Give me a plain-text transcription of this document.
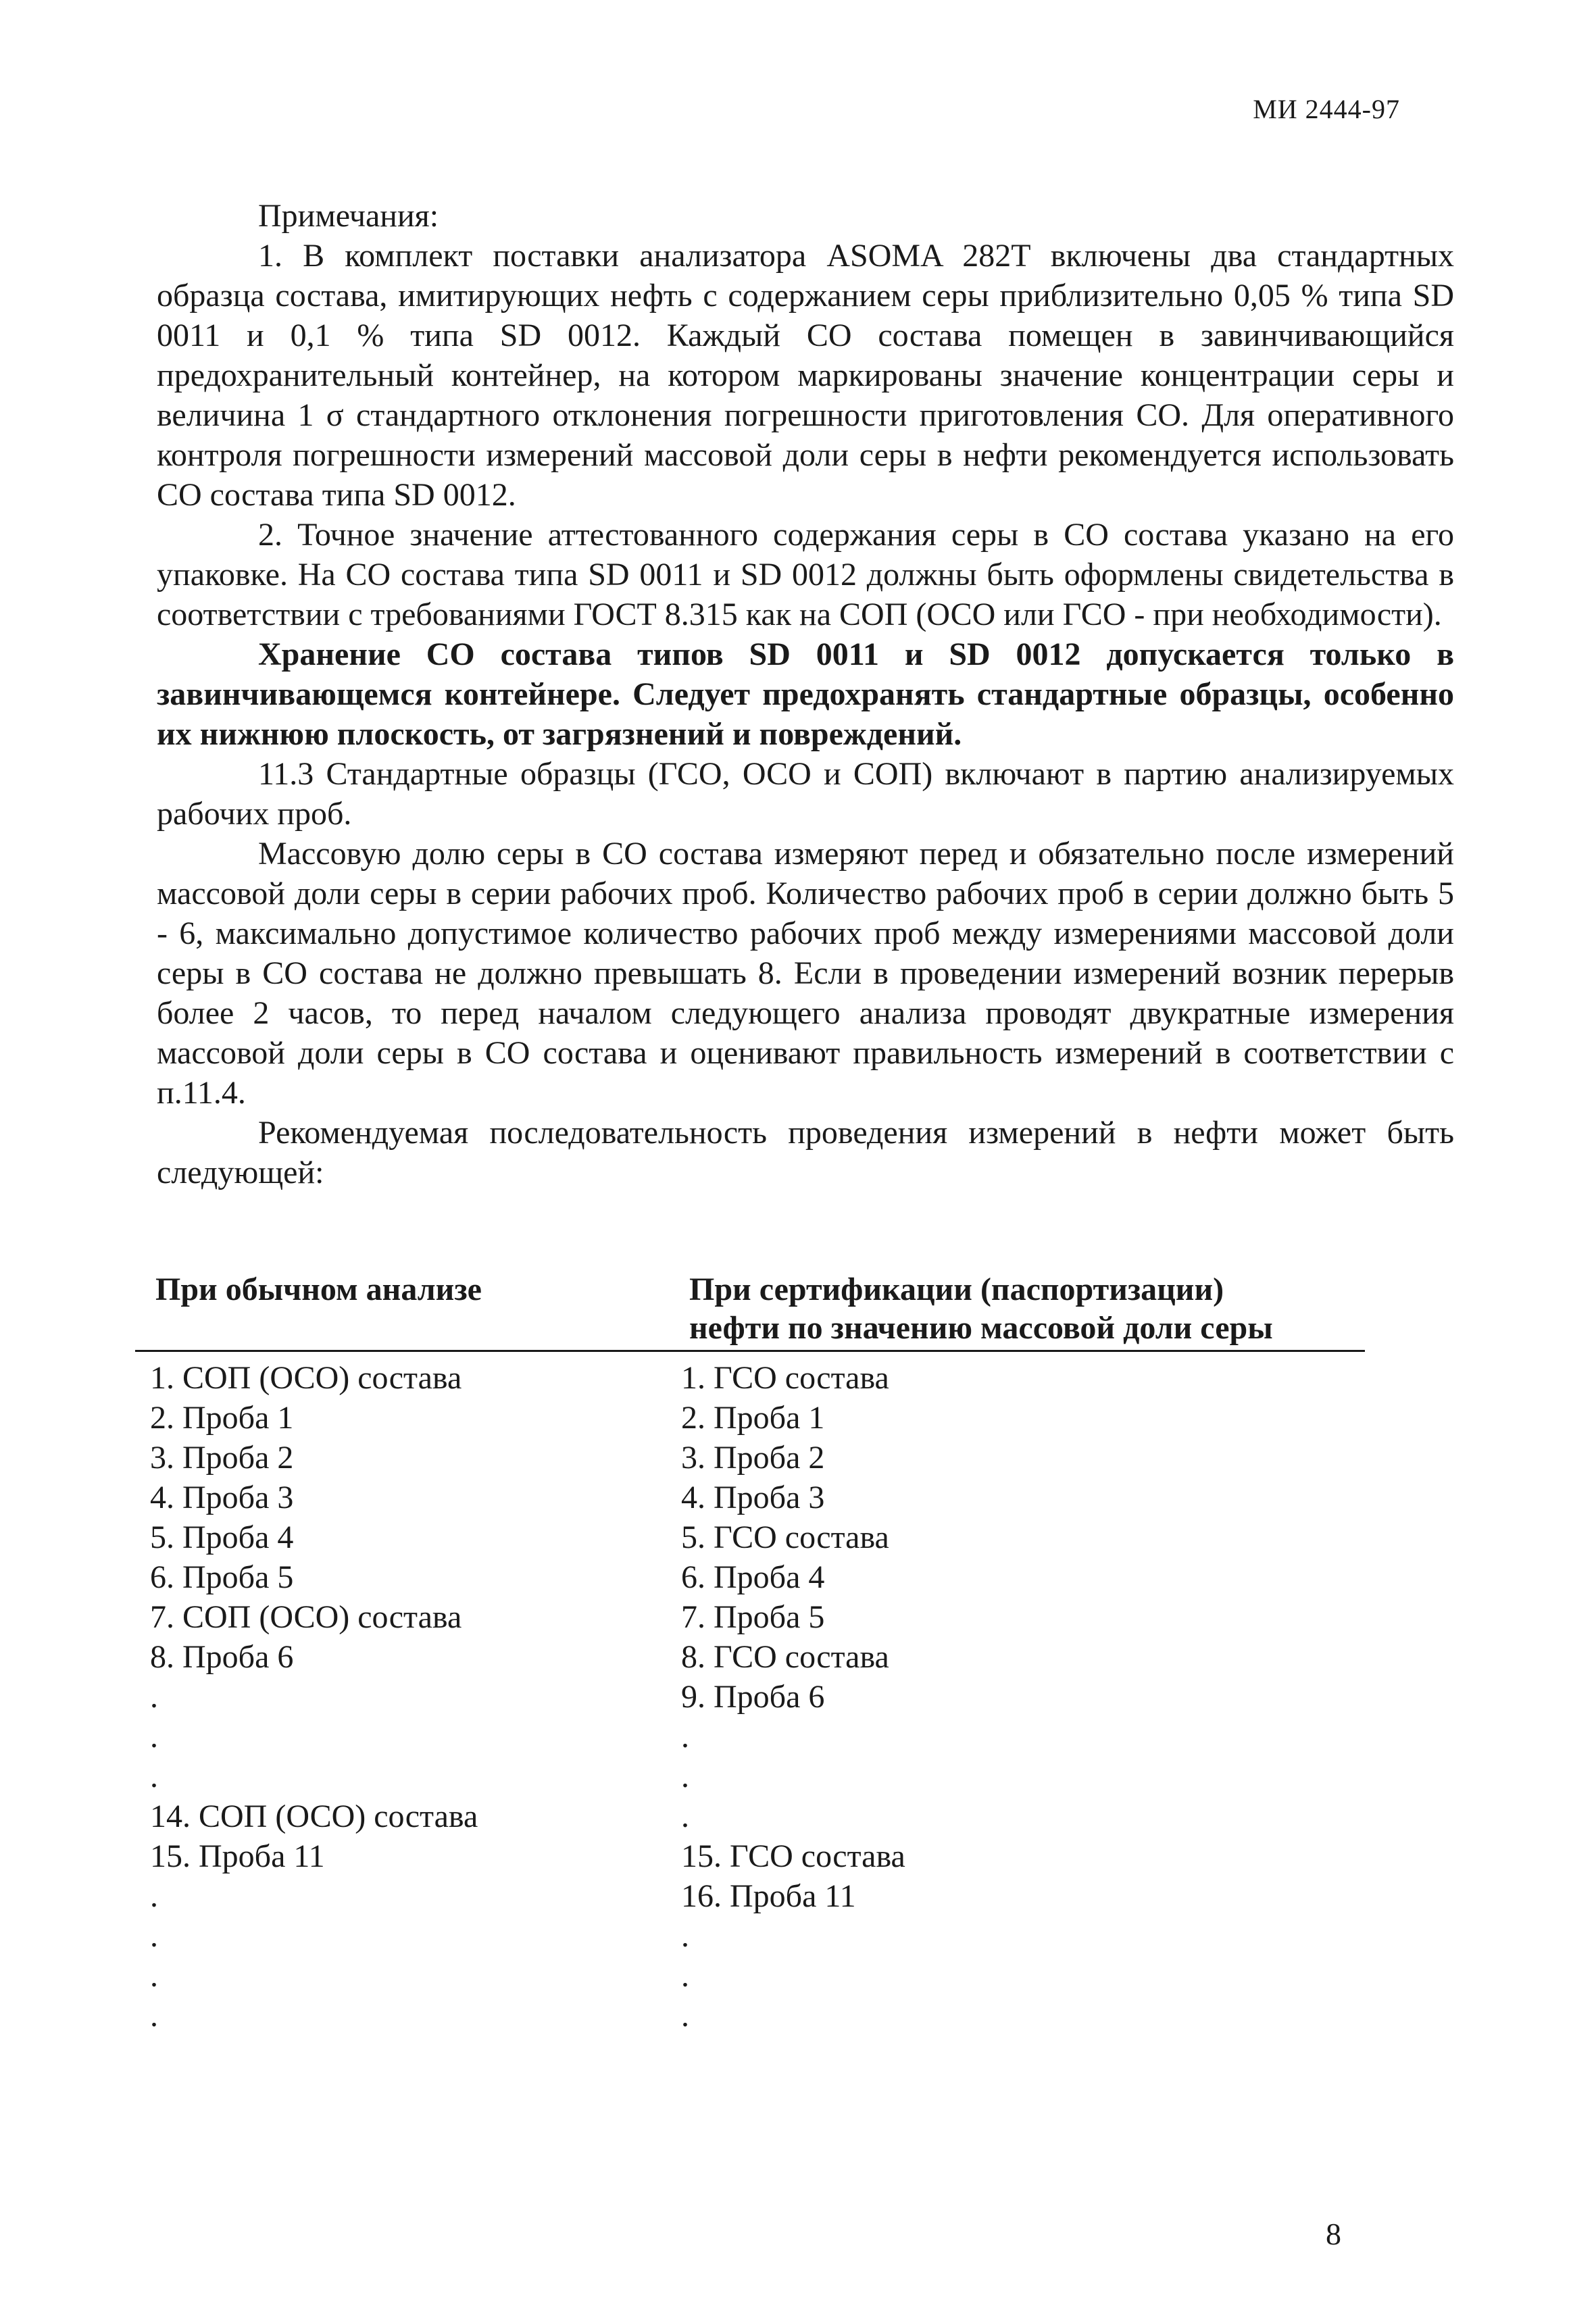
МИ 2444-97

Примечания:

1. В комплект поставки анализатора ASOMA 282T включены два стандартных образца состава, имитирующих нефть с содержанием серы приблизительно 0,05 % типа SD 0011 и 0,1 % типа SD 0012. Каждый СО состава помещен в завинчивающийся предохранительный контейнер, на котором маркированы значение концентрации серы и величина 1 σ стандартного отклонения погрешности приготовления СО. Для оперативного контроля погрешности измерений массовой доли серы в нефти рекомендуется использовать СО состава типа SD 0012.

2. Точное значение аттестованного содержания серы в СО состава указано на его упаковке. На СО состава типа SD 0011 и SD 0012 должны быть оформлены свидетельства в соответствии с требованиями ГОСТ 8.315 как на СОП (ОСО или ГСО - при необходимости).

Хранение СО состава типов SD 0011 и SD 0012 допускается только в завинчивающемся контейнере. Следует предохранять стандартные образцы, особенно их нижнюю плоскость, от загрязнений и повреждений.

11.3 Стандартные образцы (ГСО, ОСО и СОП) включают в партию анализируемых рабочих проб.

Массовую долю серы в СО состава измеряют перед и обязательно после измерений массовой доли серы в серии рабочих проб. Количество рабочих проб в серии должно быть 5 - 6, максимально допустимое количество рабочих проб между измерениями массовой доли серы в СО состава не должно превышать 8. Если в проведении измерений возник перерыв более 2 часов, то перед началом следующего анализа проводят двукратные измерения массовой доли серы в СО состава и оценивают правильность измерений в соответствии с п.11.4.

Рекомендуемая последовательность проведения измерений в нефти может быть следующей:

При обычном анализе	При сертификации (паспортизации)
нефти по значению массовой доли серы
1. СОП (ОСО) состава
2. Проба 1
3. Проба 2
4. Проба 3
5. Проба 4
6. Проба 5
7. СОП (ОСО) состава
8. Проба 6
.
.
.
14. СОП (ОСО) состава
15. Проба 11
.
.
.
.
1. ГСО состава
2. Проба 1
3. Проба 2
4. Проба 3
5. ГСО состава
6. Проба 4
7. Проба 5
8. ГСО состава
9. Проба 6
.
.
.
15. ГСО состава
16. Проба 11
.
.
.
8
